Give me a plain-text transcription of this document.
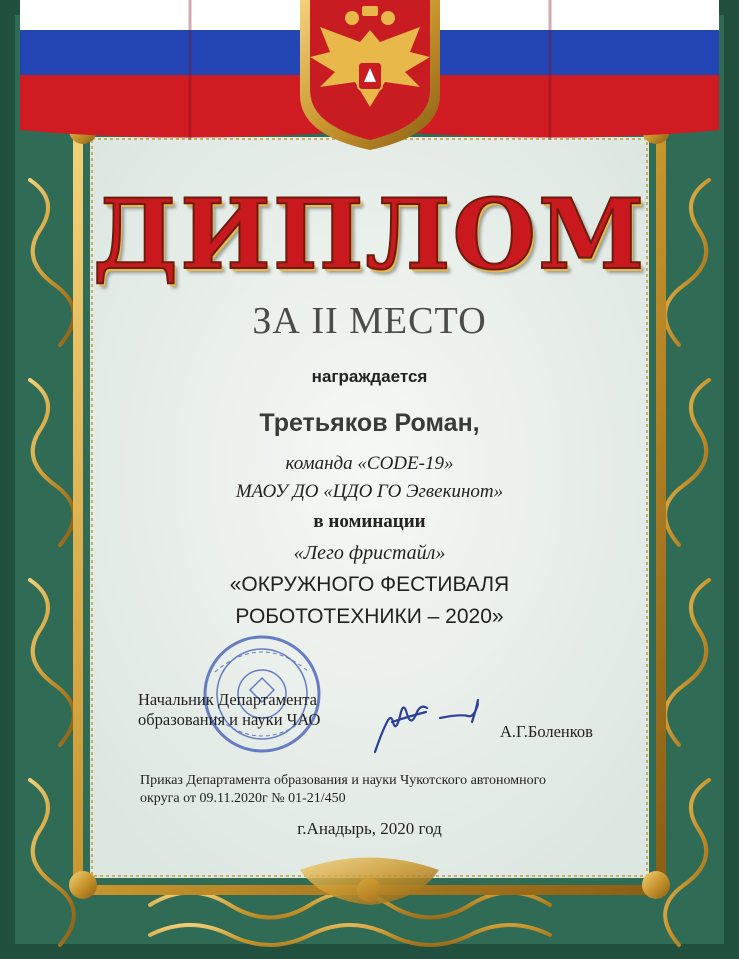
ДИПЛОМ
ЗА II МЕСТО
награждается
Третьяков Роман,
команда «CODE-19»
МАОУ ДО «ЦДО ГО Эгвекинот»
в номинации
«Лего фристайл»
«ОКРУЖНОГО ФЕСТИВАЛЯ
РОБОТОТЕХНИКИ – 2020»
Начальник Департамента
образования и науки ЧАО
А.Г.Боленков
Приказ Департамента образования и науки Чукотского автономного
округа от 09.11.2020г № 01-21/450
г.Анадырь, 2020 год
